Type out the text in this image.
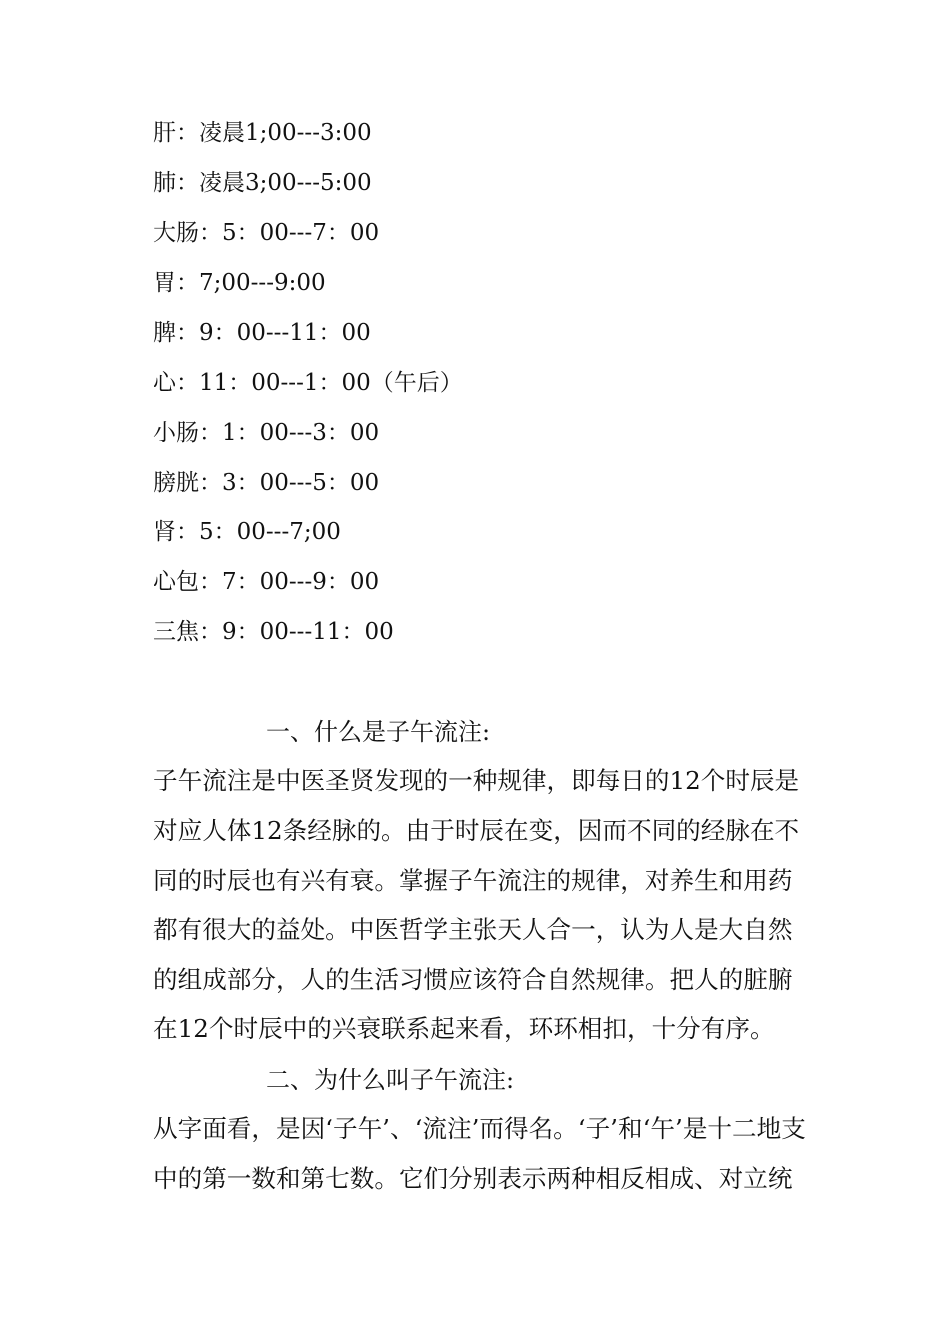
肝：凌晨1;00---3:00
肺：凌晨3;00---5:00
大肠：5：00---7：00
胃：7;00---9:00
脾：9：00---11：00
心：11：00---1：00（午后）
小肠：1：00---3：00
膀胱：3：00---5：00
肾：5：00---7;00
心包：7：00---9：00
三焦：9：00---11：00
一、什么是子午流注:
子午流注是中医圣贤发现的一种规律，即每日的12个时辰是
对应人体12条经脉的。由于时辰在变，因而不同的经脉在不
同的时辰也有兴有衰。掌握子午流注的规律，对养生和用药
都有很大的益处。中医哲学主张天人合一，认为人是大自然
的组成部分，人的生活习惯应该符合自然规律。把人的脏腑
在12个时辰中的兴衰联系起来看，环环相扣，十分有序。
二、为什么叫子午流注:
从字面看，是因‘子午’、‘流注’而得名。‘子’和‘午’是十二地支
中的第一数和第七数。它们分别表示两种相反相成、对立统
